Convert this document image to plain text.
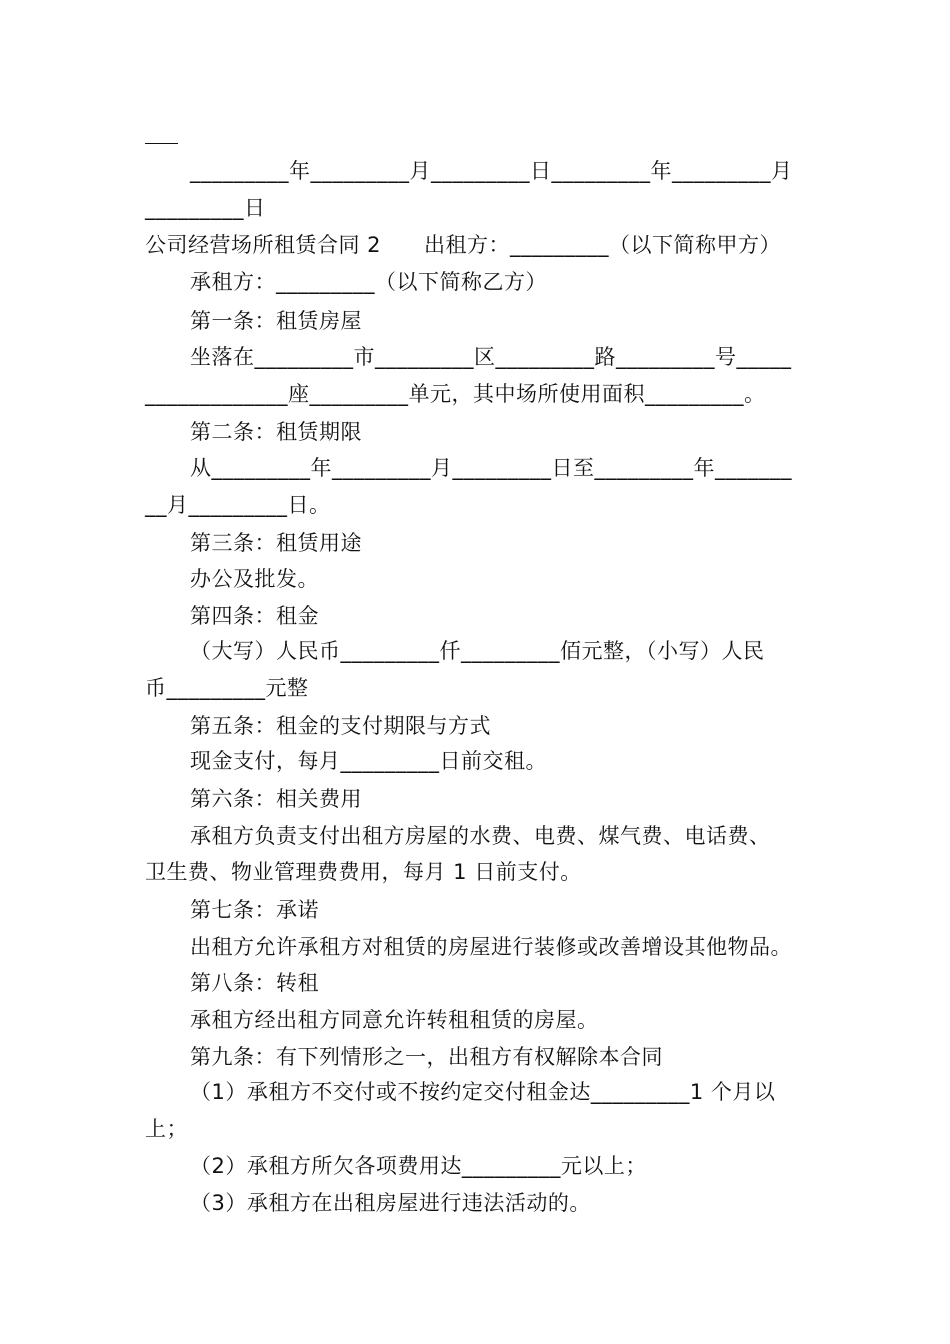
_________年_________月_________日_________年_________月
_________日
公司经营场所租赁合同 2　　出租方：_________（以下简称甲方）
承租方：_________（以下简称乙方）
第一条：租赁房屋
坐落在_________市_________区_________路_________号_____
_____________座_________单元，其中场所使用面积_________。
第二条：租赁期限
从_________年_________月_________日至_________年_______
__月_________日。
第三条：租赁用途
办公及批发。
第四条：租金
（大写）人民币_________仟_________佰元整，（小写）人民
币_________元整
第五条：租金的支付期限与方式
现金支付，每月_________日前交租。
第六条：相关费用
承租方负责支付出租方房屋的水费、电费、煤气费、电话费、
卫生费、物业管理费费用，每月 1 日前支付。
第七条：承诺
出租方允许承租方对租赁的房屋进行装修或改善增设其他物品。
第八条：转租
承租方经出租方同意允许转租租赁的房屋。
第九条：有下列情形之一，出租方有权解除本合同
（1）承租方不交付或不按约定交付租金达_________1 个月以
上；
（2）承租方所欠各项费用达_________元以上；
（3）承租方在出租房屋进行违法活动的。
